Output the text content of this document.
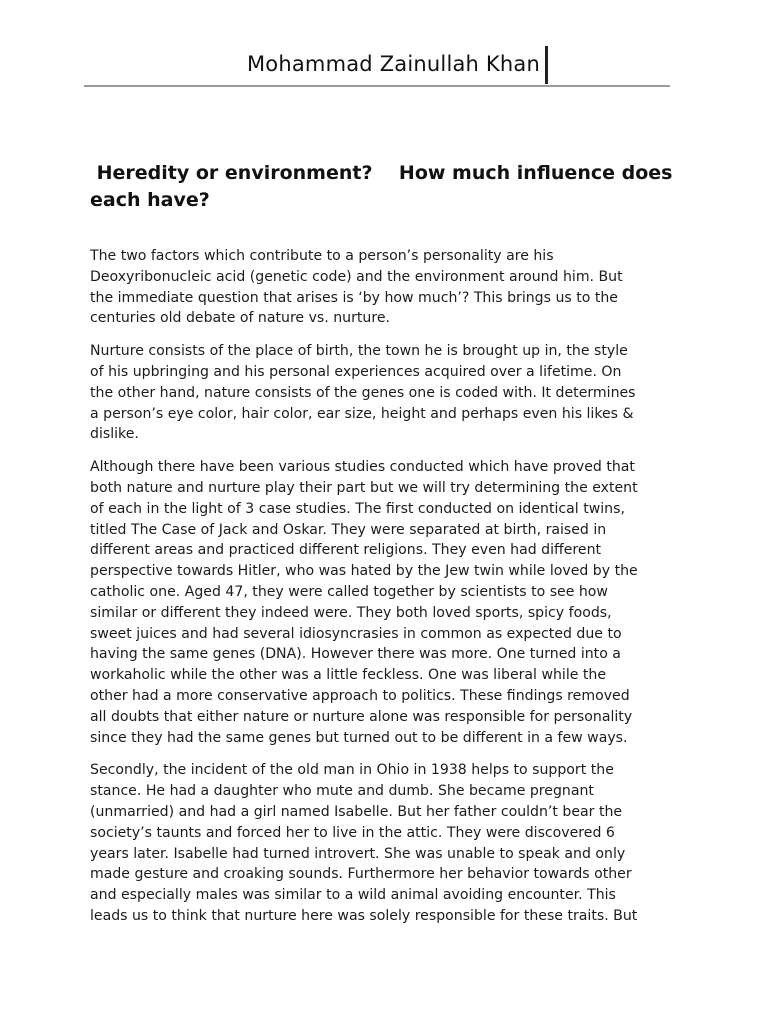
Mohammad Zainullah Khan
Heredity or environment?    How much influence does each have?
The two factors which contribute to a person’s personality are his
Deoxyribonucleic acid (genetic code) and the environment around him. But
the immediate question that arises is ‘by how much’? This brings us to the
centuries old debate of nature vs. nurture.
Nurture consists of the place of birth, the town he is brought up in, the style
of his upbringing and his personal experiences acquired over a lifetime. On
the other hand, nature consists of the genes one is coded with. It determines
a person’s eye color, hair color, ear size, height and perhaps even his likes &
dislike.
Although there have been various studies conducted which have proved that
both nature and nurture play their part but we will try determining the extent
of each in the light of 3 case studies. The first conducted on identical twins,
titled The Case of Jack and Oskar. They were separated at birth, raised in
different areas and practiced different religions. They even had different
perspective towards Hitler, who was hated by the Jew twin while loved by the
catholic one. Aged 47, they were called together by scientists to see how
similar or different they indeed were. They both loved sports, spicy foods,
sweet juices and had several idiosyncrasies in common as expected due to
having the same genes (DNA). However there was more. One turned into a
workaholic while the other was a little feckless. One was liberal while the
other had a more conservative approach to politics. These findings removed
all doubts that either nature or nurture alone was responsible for personality
since they had the same genes but turned out to be different in a few ways.
Secondly, the incident of the old man in Ohio in 1938 helps to support the
stance. He had a daughter who mute and dumb. She became pregnant
(unmarried) and had a girl named Isabelle. But her father couldn’t bear the
society’s taunts and forced her to live in the attic. They were discovered 6
years later. Isabelle had turned introvert. She was unable to speak and only
made gesture and croaking sounds. Furthermore her behavior towards other
and especially males was similar to a wild animal avoiding encounter. This
leads us to think that nurture here was solely responsible for these traits. But
